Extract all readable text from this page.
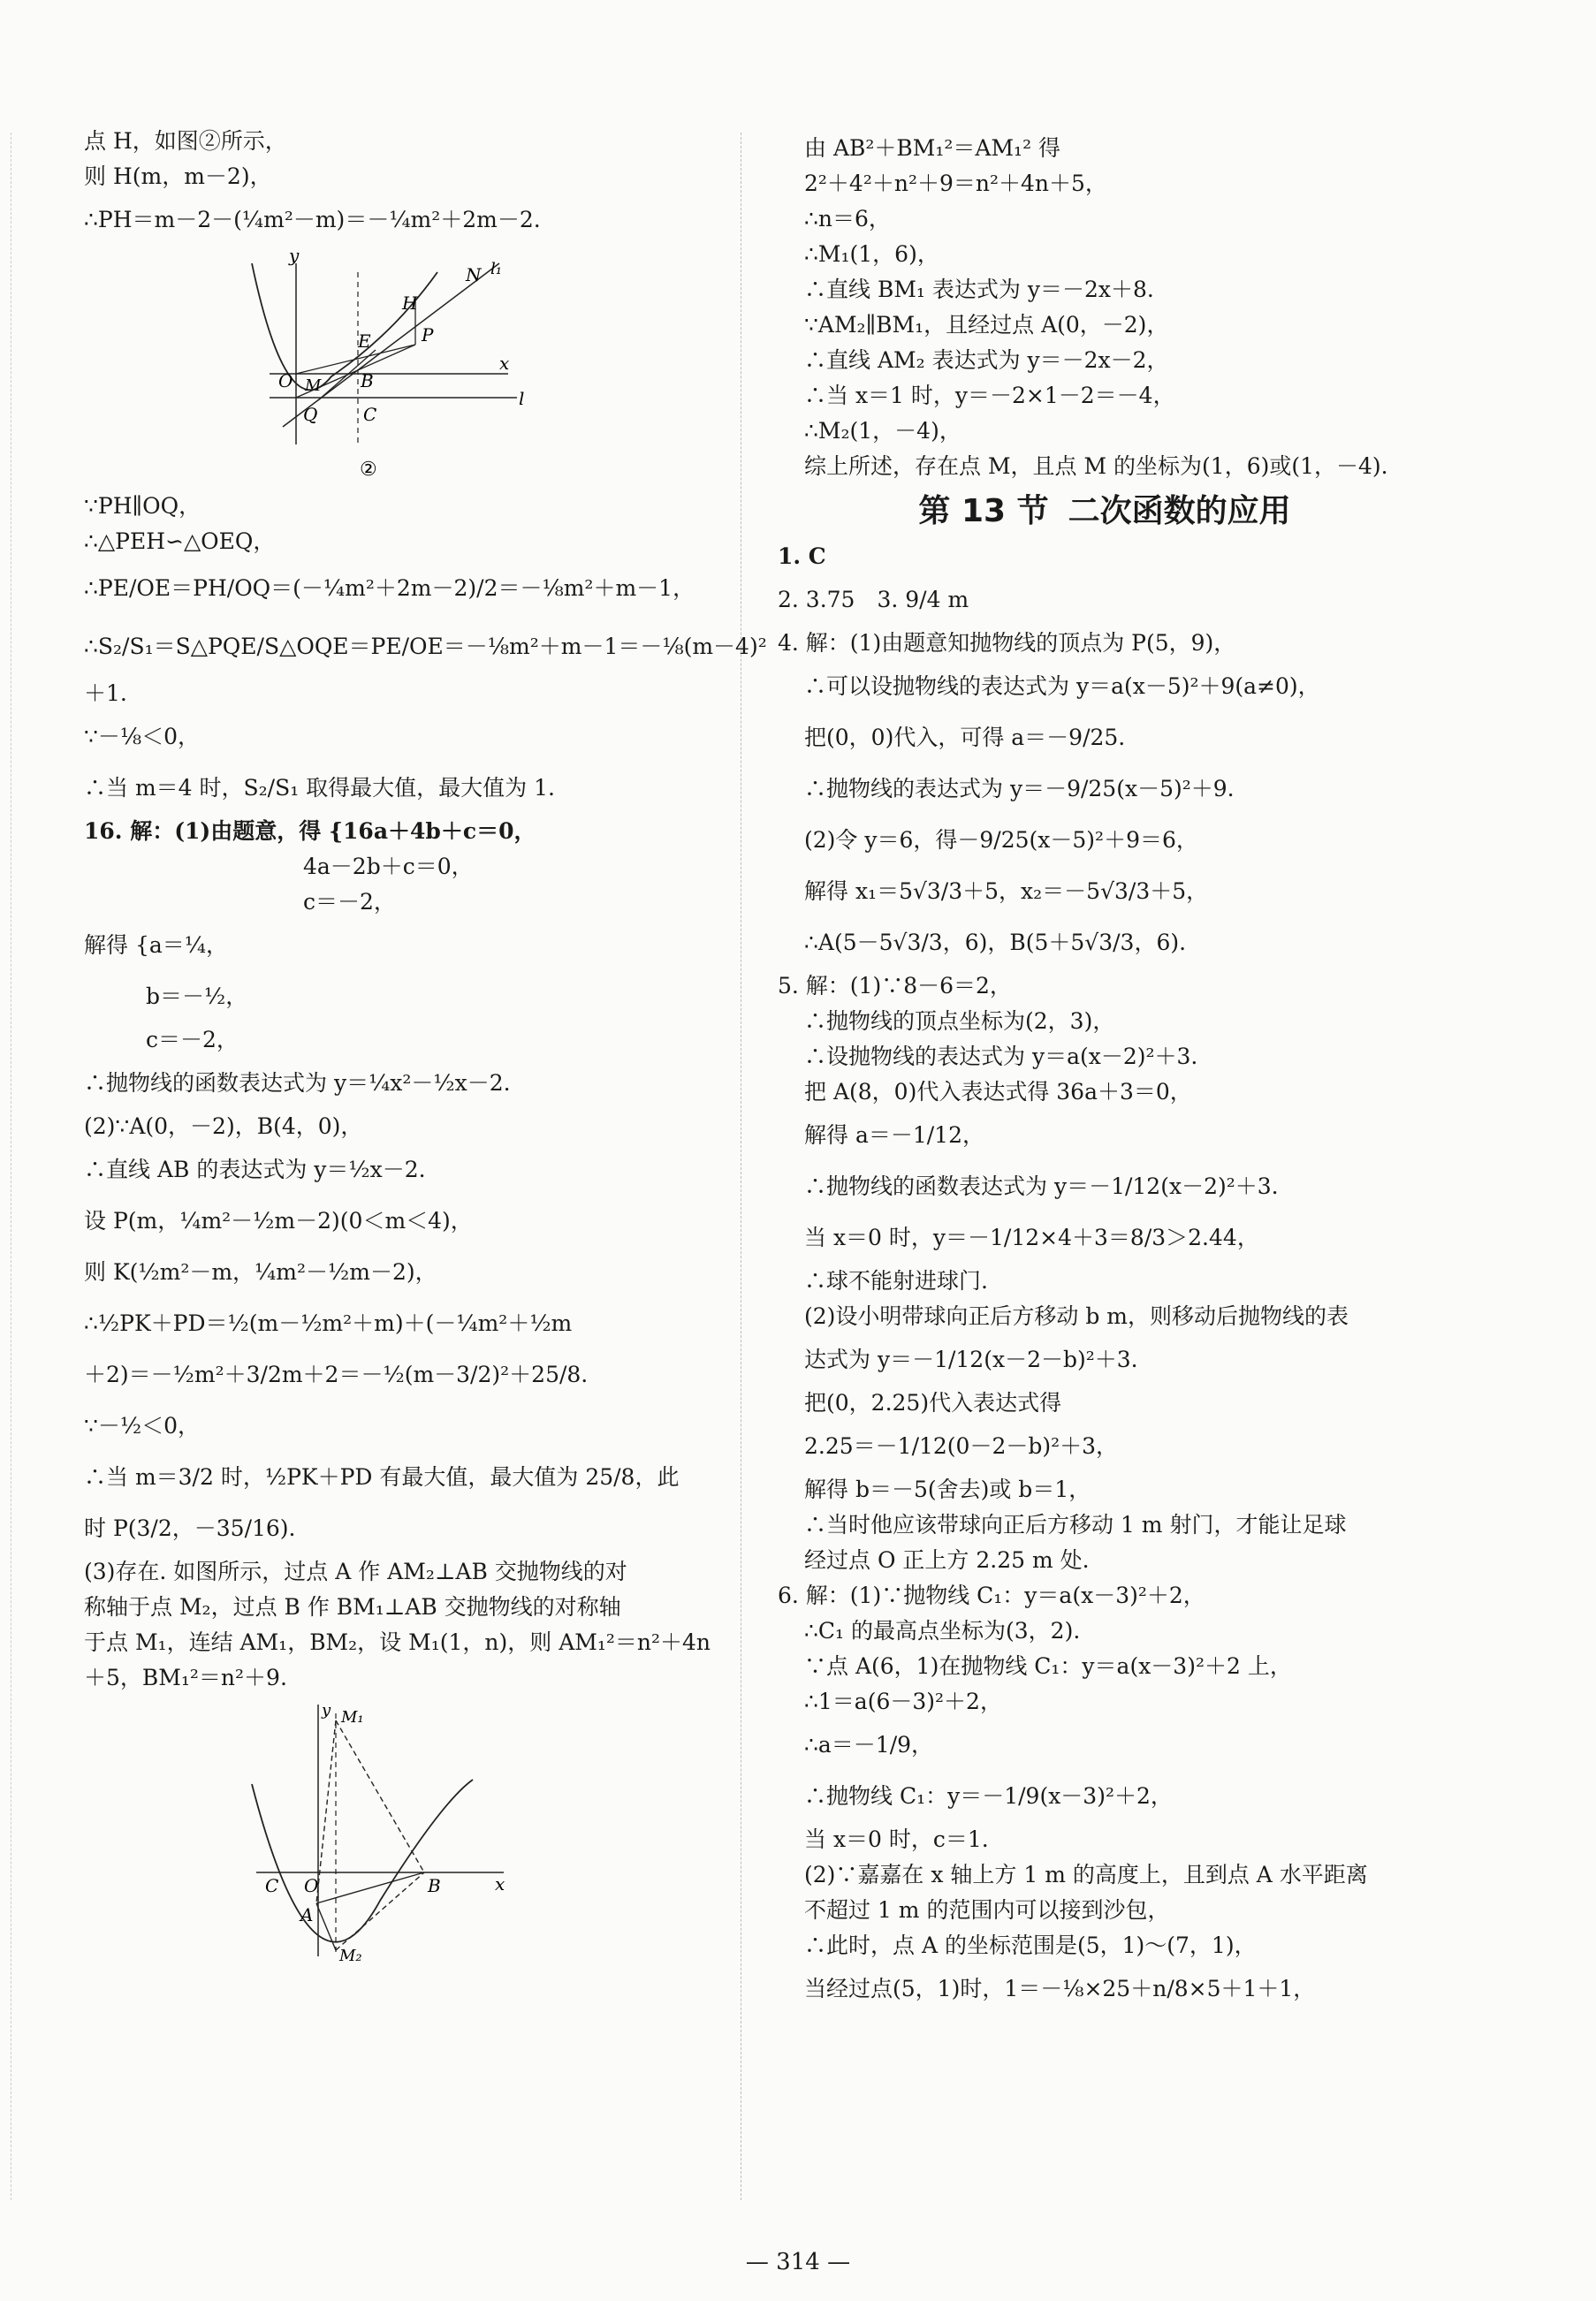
点 H，如图②所示，
则 H(m，m－2)，
∴PH＝m－2－(¼m²－m)＝－¼m²＋2m－2.
y
x
N l₁
H
E	P
O M B
Q	C
l
②
∵PH∥OQ，
∴△PEH∽△OEQ，
∴PE/OE＝PH/OQ＝(－¼m²＋2m－2)/2＝－⅛m²＋m－1，
∴S₂/S₁＝S△PQE/S△OQE＝PE/OE＝－⅛m²＋m－1＝－⅛(m－4)²
＋1.
∵－⅛＜0，
∴当 m＝4 时，S₂/S₁ 取得最大值，最大值为 1.
16. 解：(1)由题意，得 {16a＋4b＋c＝0，
4a－2b＋c＝0，
c＝－2，
解得 {a＝¼，
b＝－½，
c＝－2，
∴抛物线的函数表达式为 y＝¼x²－½x－2.
(2)∵A(0，－2)，B(4，0)，
∴直线 AB 的表达式为 y＝½x－2.
设 P(m，¼m²－½m－2)(0＜m＜4)，
则 K(½m²－m，¼m²－½m－2)，
∴½PK＋PD＝½(m－½m²＋m)＋(－¼m²＋½m
＋2)＝－½m²＋3/2m＋2＝－½(m－3/2)²＋25/8.
∵－½＜0，
∴当 m＝3/2 时，½PK＋PD 有最大值，最大值为 25/8，此
时 P(3/2，－35/16).
(3)存在. 如图所示，过点 A 作 AM₂⊥AB 交抛物线的对
称轴于点 M₂，过点 B 作 BM₁⊥AB 交抛物线的对称轴
于点 M₁，连结 AM₁，BM₂，设 M₁(1，n)，则 AM₁²＝n²＋4n
＋5，BM₁²＝n²＋9.
y M₁
C O	B	x
A
M₂
由 AB²＋BM₁²＝AM₁² 得
2²＋4²＋n²＋9＝n²＋4n＋5，
∴n＝6，
∴M₁(1，6)，
∴直线 BM₁ 表达式为 y＝－2x＋8.
∵AM₂∥BM₁，且经过点 A(0，－2)，
∴直线 AM₂ 表达式为 y＝－2x－2，
∴当 x＝1 时，y＝－2×1－2＝－4，
∴M₂(1，－4)，
综上所述，存在点 M，且点 M 的坐标为(1，6)或(1，－4).
第 13 节 二次函数的应用
1. C
2. 3.75　3. 9/4 m
4. 解：(1)由题意知抛物线的顶点为 P(5，9)，
∴可以设抛物线的表达式为 y＝a(x－5)²＋9(a≠0)，
把(0，0)代入，可得 a＝－9/25.
∴抛物线的表达式为 y＝－9/25(x－5)²＋9.
(2)令 y＝6，得－9/25(x－5)²＋9＝6，
解得 x₁＝5√3/3＋5，x₂＝－5√3/3＋5，
∴A(5－5√3/3，6)，B(5＋5√3/3，6).
5. 解：(1)∵8－6＝2，
∴抛物线的顶点坐标为(2，3)，
∴设抛物线的表达式为 y＝a(x－2)²＋3.
把 A(8，0)代入表达式得 36a＋3＝0，
解得 a＝－1/12，
∴抛物线的函数表达式为 y＝－1/12(x－2)²＋3.
当 x＝0 时，y＝－1/12×4＋3＝8/3＞2.44，
∴球不能射进球门.
(2)设小明带球向正后方移动 b m，则移动后抛物线的表
达式为 y＝－1/12(x－2－b)²＋3.
把(0，2.25)代入表达式得
2.25＝－1/12(0－2－b)²＋3，
解得 b＝－5(舍去)或 b＝1，
∴当时他应该带球向正后方移动 1 m 射门，才能让足球
经过点 O 正上方 2.25 m 处.
6. 解：(1)∵抛物线 C₁：y＝a(x－3)²＋2，
∴C₁ 的最高点坐标为(3，2).
∵点 A(6，1)在抛物线 C₁：y＝a(x－3)²＋2 上，
∴1＝a(6－3)²＋2，
∴a＝－1/9，
∴抛物线 C₁：y＝－1/9(x－3)²＋2，
当 x＝0 时，c＝1.
(2)∵嘉嘉在 x 轴上方 1 m 的高度上，且到点 A 水平距离
不超过 1 m 的范围内可以接到沙包，
∴此时，点 A 的坐标范围是(5，1)～(7，1)，
当经过点(5，1)时，1＝－⅛×25＋n/8×5＋1＋1，
— 314 —
